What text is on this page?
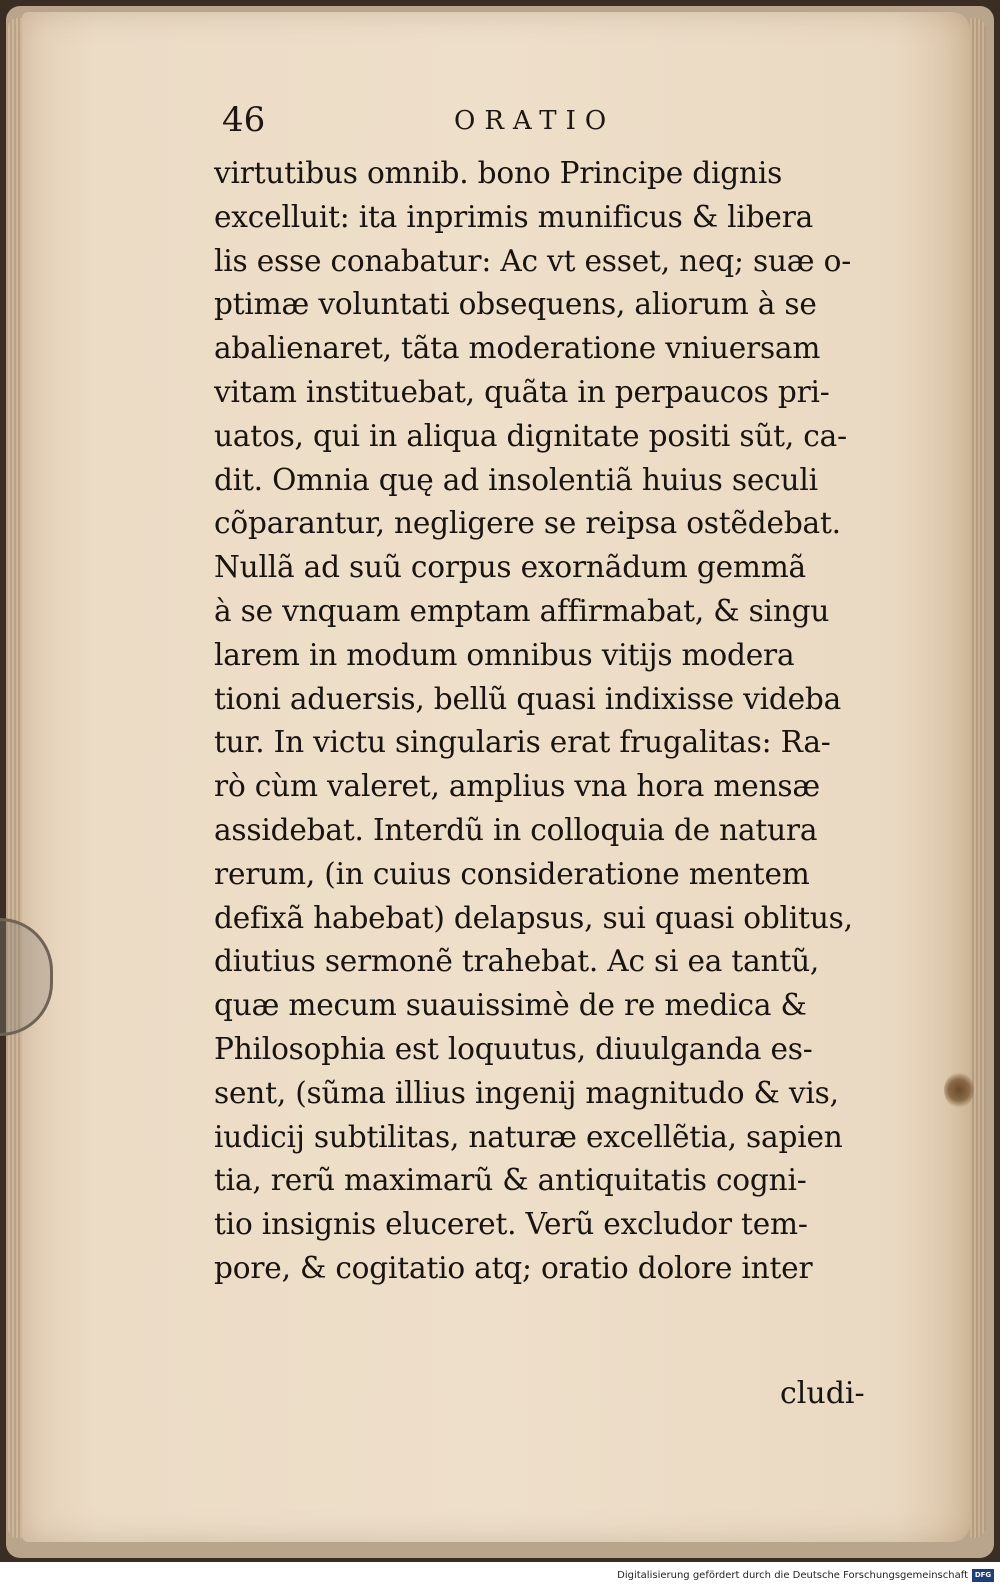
46	ORATIO
virtutibus omnib. bono Principe dignis
excelluit: ita inprimis munificus & libera
lis esse conabatur: Ac vt esset, neq; suæ o-
ptimæ voluntati obsequens, aliorum à se
abalienaret, tãta moderatione vniuersam
vitam instituebat, quãta in perpaucos pri-
uatos, qui in aliqua dignitate positi sũt, ca-
dit. Omnia quę ad insolentiã huius seculi
cõparantur, negligere se reipsa ostẽdebat.
Nullã ad suũ corpus exornãdum gemmã
à se vnquam emptam affirmabat, & singu
larem in modum omnibus vitijs modera
tioni aduersis, bellũ quasi indixisse videba
tur. In victu singularis erat frugalitas: Ra-
rò cùm valeret, amplius vna hora mensæ
assidebat. Interdũ in colloquia de natura
rerum, (in cuius consideratione mentem
defixã habebat) delapsus, sui quasi oblitus,
diutius sermonẽ trahebat. Ac si ea tantũ,
quæ mecum suauissimè de re medica &
Philosophia est loquutus, diuulganda es-
sent, (sũma illius ingenij magnitudo & vis,
iudicij subtilitas, naturæ excellẽtia, sapien
tia, rerũ maximarũ & antiquitatis cogni-
tio insignis eluceret. Verũ excludor tem-
pore, & cogitatio atq; oratio dolore inter
cludi-
Digitalisierung gefördert durch die Deutsche Forschungsgemeinschaft DFG
